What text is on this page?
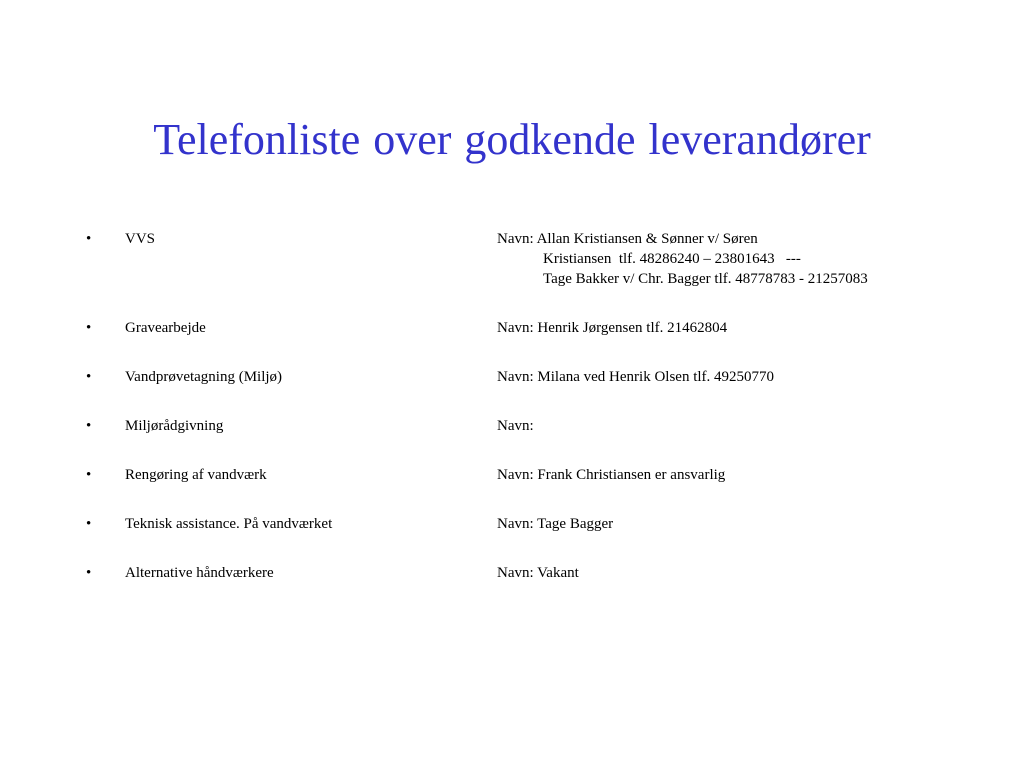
Telefonliste over godkende leverandører
•	VVS	Navn: Allan Kristiansen & Sønner v/ Søren
Kristiansen  tlf. 48286240 – 23801643   ---
Tage Bakker v/ Chr. Bagger tlf. 48778783 - 21257083
•	Gravearbejde	Navn: Henrik Jørgensen tlf. 21462804
•	Vandprøvetagning (Miljø)	Navn: Milana ved Henrik Olsen tlf. 49250770
•	Miljørådgivning	Navn:
•	Rengøring af vandværk	Navn: Frank Christiansen er ansvarlig
•	Teknisk assistance. På vandværket	Navn: Tage Bagger
•	Alternative håndværkere	Navn: Vakant
